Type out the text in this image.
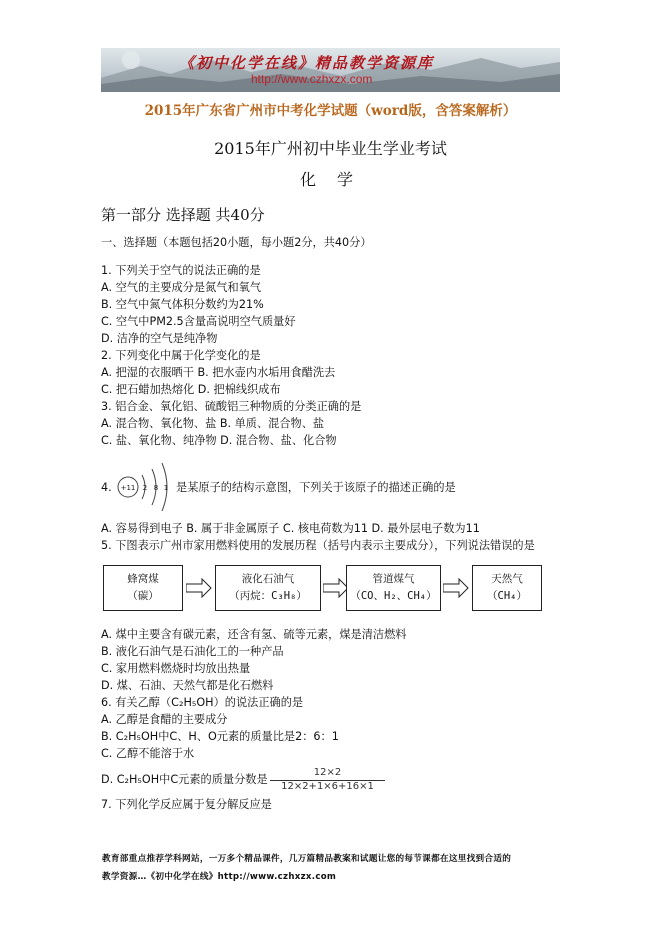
《初中化学在线》精品教学资源库
http://www.czhxzx.com
2015年广东省广州市中考化学试题（word版，含答案解析）
2015年广州初中毕业生学业考试
化 学
第一部分 选择题 共40分
一、选择题（本题包括20小题，每小题2分，共40分）
1. 下列关于空气的说法正确的是
A. 空气的主要成分是氮气和氧气
B. 空气中氮气体积分数约为21%
C. 空气中PM2.5含量高说明空气质量好
D. 洁净的空气是纯净物
2. 下列变化中属于化学变化的是
A. 把湿的衣服晒干 B. 把水壶内水垢用食醋洗去
C. 把石蜡加热熔化 D. 把棉线织成布
3. 铝合金、氧化铝、硫酸铝三种物质的分类正确的是
A. 混合物、氧化物、盐 B. 单质、混合物、盐
C. 盐、氧化物、纯净物 D. 混合物、盐、化合物
4. +11 2 8 1 是某原子的结构示意图，下列关于该原子的描述正确的是
A. 容易得到电子 B. 属于非金属原子 C. 核电荷数为11 D. 最外层电子数为11
5. 下图表示广州市家用燃料使用的发展历程（括号内表示主要成分），下列说法错误的是
蜂窝煤
（碳）
液化石油气
（丙烷：C₃H₈）
管道煤气
（CO、H₂、CH₄）
天然气
（CH₄）
A. 煤中主要含有碳元素，还含有氢、硫等元素，煤是清洁燃料
B. 液化石油气是石油化工的一种产品
C. 家用燃料燃烧时均放出热量
D. 煤、石油、天然气都是化石燃料
6. 有关乙醇（C₂H₅OH）的说法正确的是
A. 乙醇是食醋的主要成分
B. C₂H₅OH中C、H、O元素的质量比是2：6：1
C. 乙醇不能溶于水
D. C₂H₅OH中C元素的质量分数是 $\frac{12\times 2}{12\times 2+1\times 6+16\times 1}$
7. 下列化学反应属于复分解反应是
教育部重点推荐学科网站，一万多个精品课件，几万篇精品教案和试题让您的每节课都在这里找到合适的
教学资源…《初中化学在线》http://www.czhxzx.com
